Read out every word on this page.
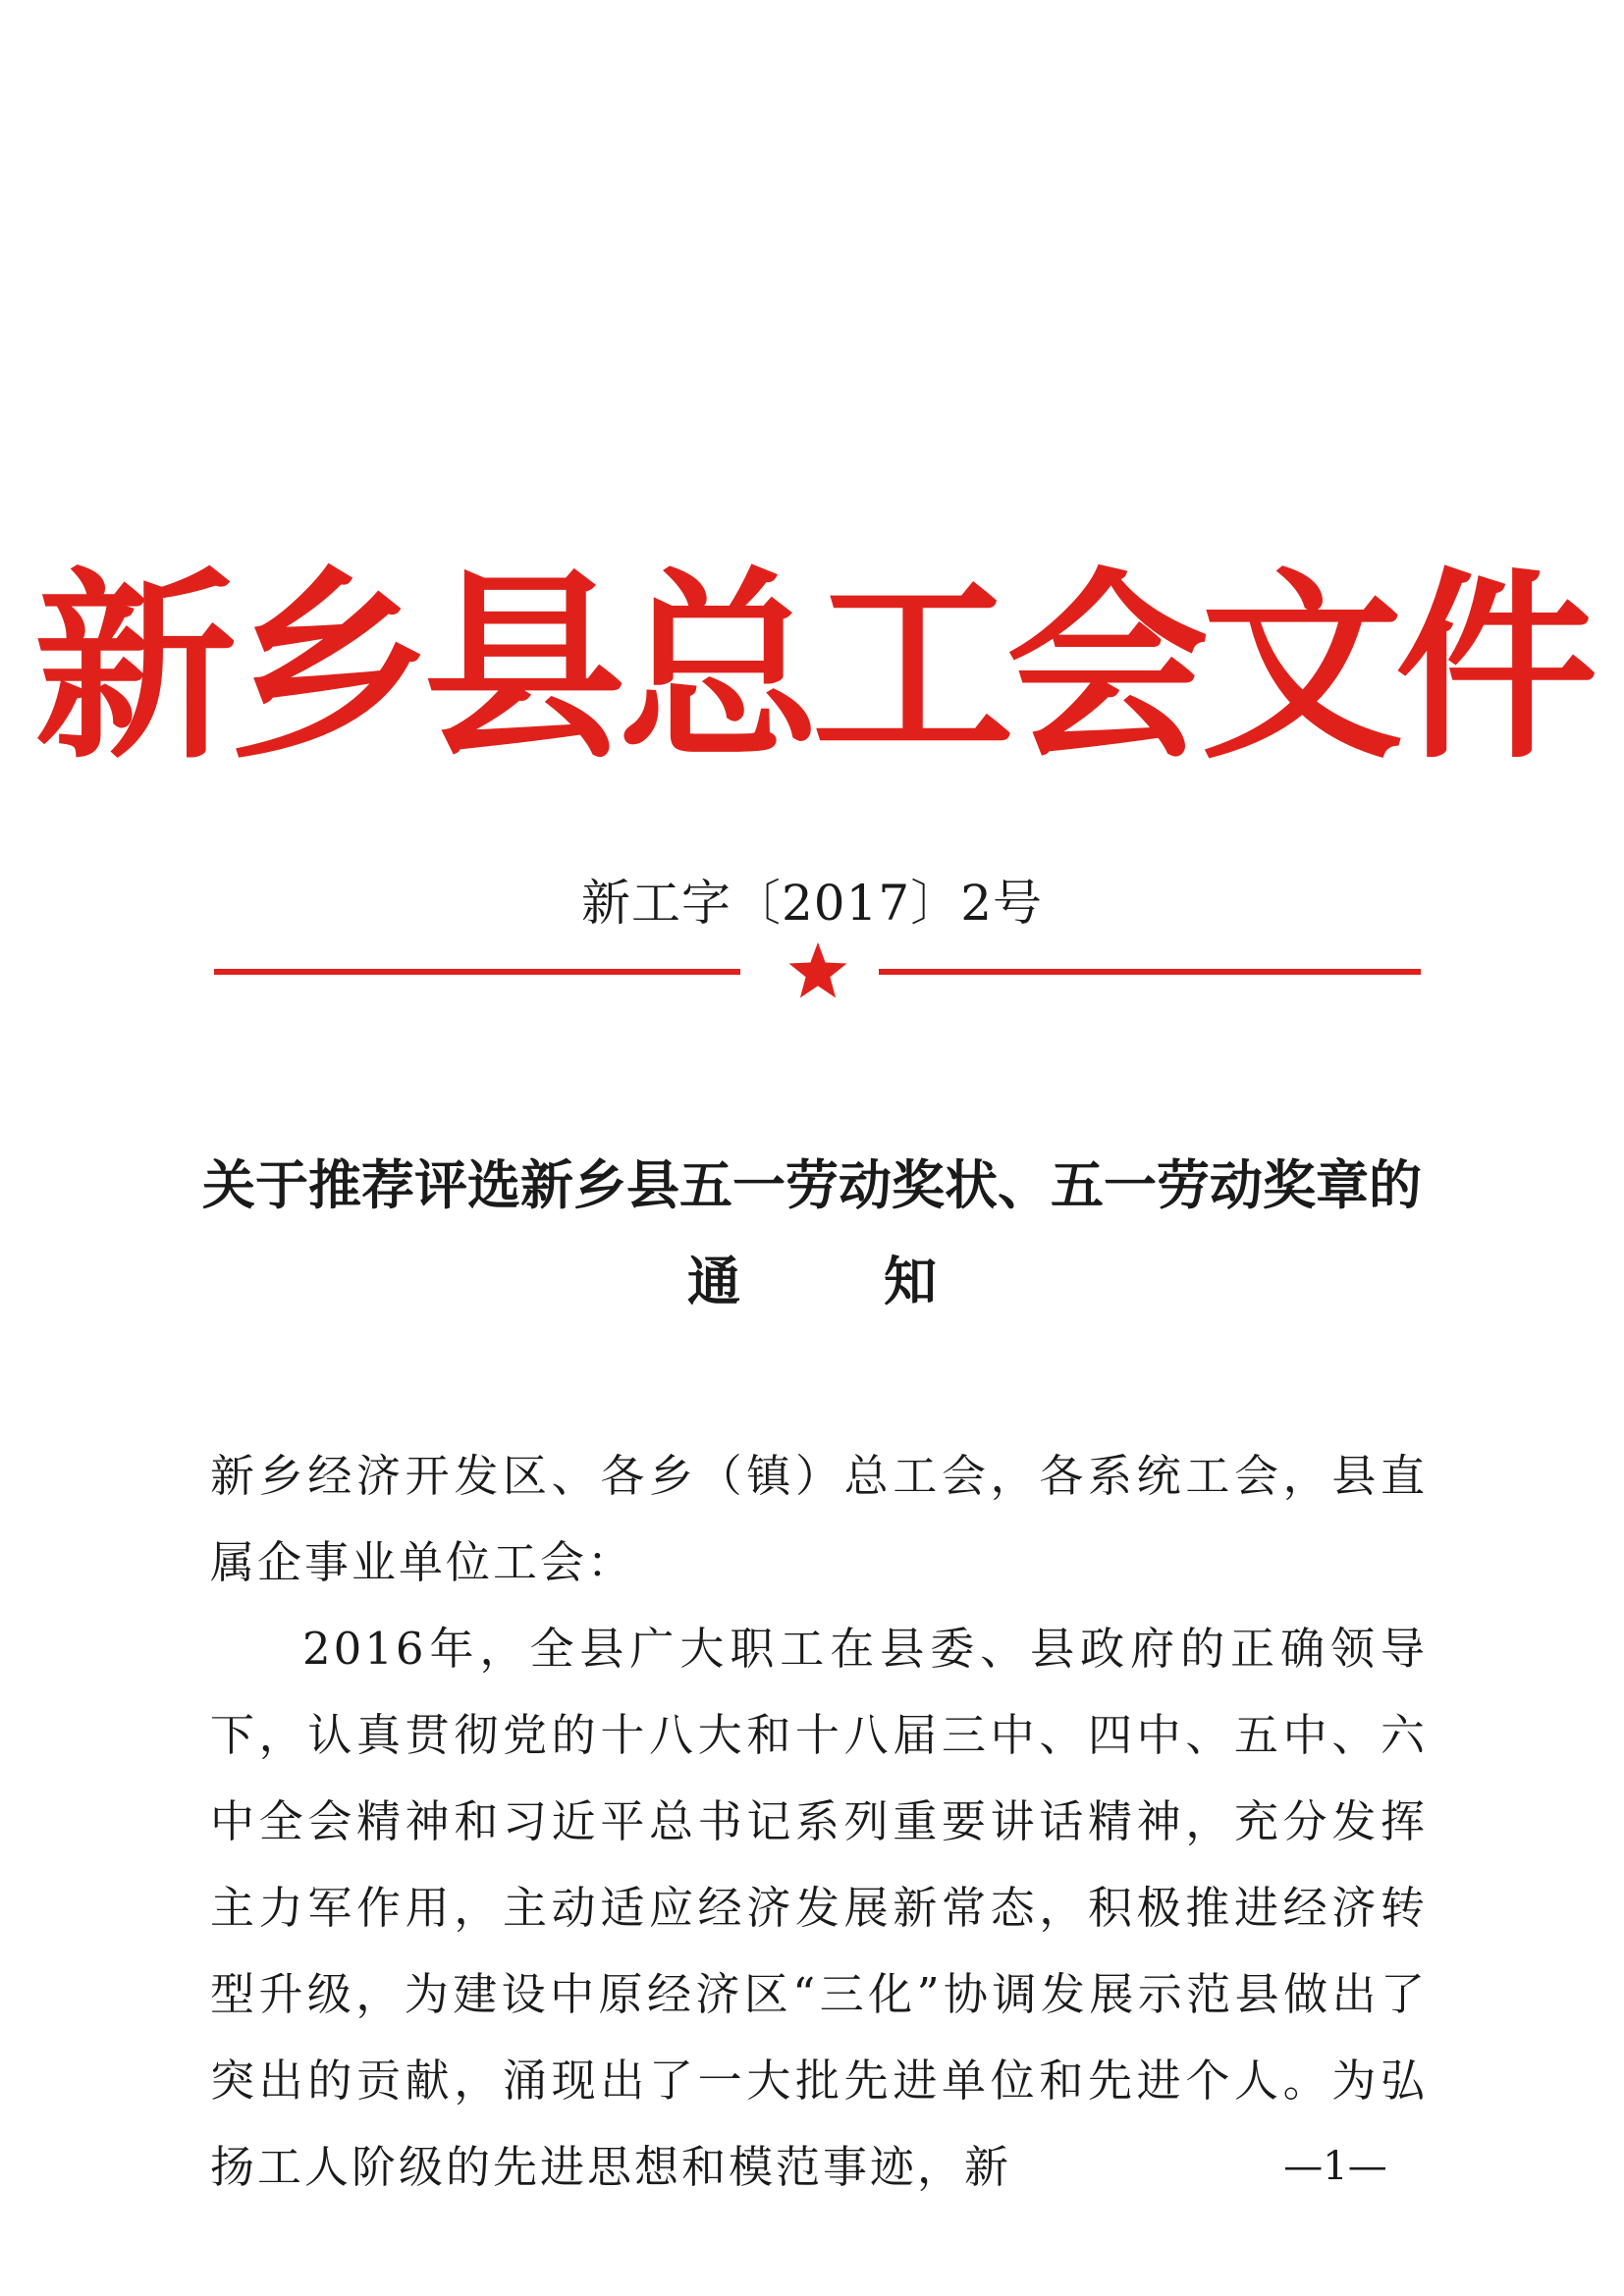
新乡县总工会文件
新工字〔2017〕2号
关于推荐评选新乡县五一劳动奖状、五一劳动奖章的
通	知

新乡经济开发区、各乡（镇）总工会，各系统工会，县直属企事业单位工会：

2016年，全县广大职工在县委、县政府的正确领导下，认真贯彻党的十八大和十八届三中、四中、五中、六中全会精神和习近平总书记系列重要讲话精神，充分发挥主力军作用，主动适应经济发展新常态，积极推进经济转型升级，为建设中原经济区“三化”协调发展示范县做出了突出的贡献，涌现出了一大批先进单位和先进个人。为弘扬工人阶级的先进思想和模范事迹，新	—1—
